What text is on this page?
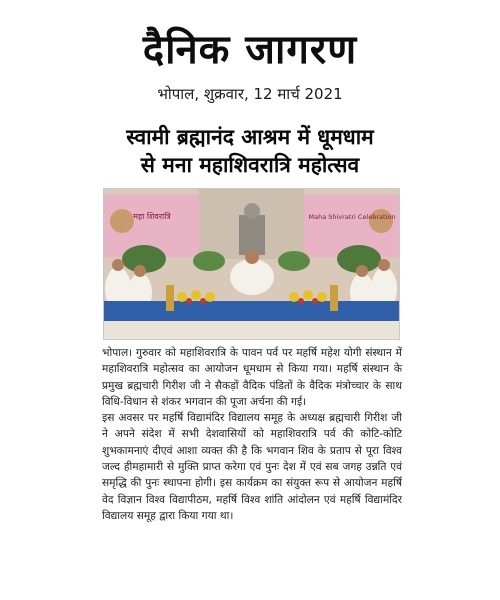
दैनिक जागरण
भोपाल, शुक्रवार, 12 मार्च 2021
स्वामी ब्रह्मानंद आश्रम में धूमधाम
से मना महाशिवरात्रि महोत्सव
महा शिवरात्रि	Maha Shivratri Celebration

भोपाल। गुरुवार को महाशिवरात्रि के पावन पर्व पर महर्षि महेश योगी संस्थान में महाशिवरात्रि महोत्सव का आयोजन धूमधाम से किया गया। महर्षि संस्थान के प्रमुख ब्रह्मचारी गिरीश जी ने सैकड़ों वैदिक पंडितों के वैदिक मंत्रोच्चार के साथ विधि-विधान से शंकर भगवान की पूजा अर्चना की गई।

इस अवसर पर महर्षि विद्यामंदिर विद्यालय समूह के अध्यक्ष ब्रह्मचारी गिरीश जी ने अपने संदेश में सभी देशवासियों को महाशिवरात्रि पर्व की कोटि-कोटि शुभकामनाएं दीएवं आशा व्यक्त की है कि भगवान शिव के प्रताप से पूरा विश्व जल्द हीमहामारी से मुक्ति प्राप्त करेगा एवं पुनः देश में एवं सब जगह उन्नति एवं समृद्धि की पुनः स्थापना होगी। इस कार्यक्रम का संयुक्त रूप से आयोजन महर्षि वेद विज्ञान विश्व विद्यापीठम, महर्षि विश्व शांति आंदोलन एवं महर्षि विद्यामंदिर विद्यालय समूह द्वारा किया गया था।
